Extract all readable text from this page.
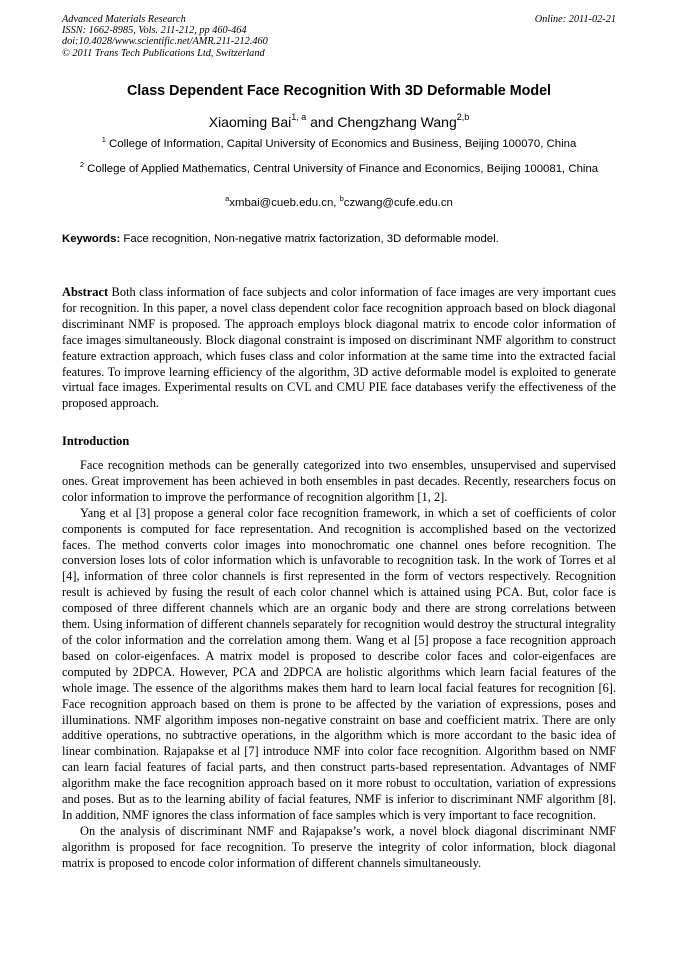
Advanced Materials Research
ISSN: 1662-8985, Vols. 211-212, pp 460-464
doi:10.4028/www.scientific.net/AMR.211-212.460
© 2011 Trans Tech Publications Ltd, Switzerland
Online: 2011-02-21
Class Dependent Face Recognition With 3D Deformable Model
Xiaoming Bai$^{1, a}$ and Chengzhang Wang$^{2,b}$
$^1$ College of Information, Capital University of Economics and Business, Beijing 100070, China
$^2$ College of Applied Mathematics, Central University of Finance and Economics, Beijing 100081, China
$^a$xmbai@cueb.edu.cn, $^b$czwang@cufe.edu.cn
Keywords: Face recognition, Non-negative matrix factorization, 3D deformable model.

Abstract Both class information of face subjects and color information of face images are very important cues for recognition. In this paper, a novel class dependent color face recognition approach based on block diagonal discriminant NMF is proposed. The approach employs block diagonal matrix to encode color information of face images simultaneously. Block diagonal constraint is imposed on discriminant NMF algorithm to construct feature extraction approach, which fuses class and color information at the same time into the extracted facial features. To improve learning efficiency of the algorithm, 3D active deformable model is exploited to generate virtual face images. Experimental results on CVL and CMU PIE face databases verify the effectiveness of the proposed approach.

Introduction

Face recognition methods can be generally categorized into two ensembles, unsupervised and supervised ones. Great improvement has been achieved in both ensembles in past decades. Recently, researchers focus on color information to improve the performance of recognition algorithm [1, 2].

Yang et al [3] propose a general color face recognition framework, in which a set of coefficients of color components is computed for face representation. And recognition is accomplished based on the vectorized faces. The method converts color images into monochromatic one channel ones before recognition. The conversion loses lots of color information which is unfavorable to recognition task. In the work of Torres et al [4], information of three color channels is first represented in the form of vectors respectively. Recognition result is achieved by fusing the result of each color channel which is attained using PCA. But, color face is composed of three different channels which are an organic body and there are strong correlations between them. Using information of different channels separately for recognition would destroy the structural integrality of the color information and the correlation among them. Wang et al [5] propose a face recognition approach based on color-eigenfaces. A matrix model is proposed to describe color faces and color-eigenfaces are computed by 2DPCA. However, PCA and 2DPCA are holistic algorithms which learn facial features of the whole image. The essence of the algorithms makes them hard to learn local facial features for recognition [6]. Face recognition approach based on them is prone to be affected by the variation of expressions, poses and illuminations. NMF algorithm imposes non-negative constraint on base and coefficient matrix. There are only additive operations, no subtractive operations, in the algorithm which is more accordant to the basic idea of linear combination. Rajapakse et al [7] introduce NMF into color face recognition. Algorithm based on NMF can learn facial features of facial parts, and then construct parts-based representation. Advantages of NMF algorithm make the face recognition approach based on it more robust to occultation, variation of expressions and poses. But as to the learning ability of facial features, NMF is inferior to discriminant NMF algorithm [8]. In addition, NMF ignores the class information of face samples which is very important to face recognition.

On the analysis of discriminant NMF and Rajapakse’s work, a novel block diagonal discriminant NMF algorithm is proposed for face recognition. To preserve the integrity of color information, block diagonal matrix is proposed to encode color information of different channels simultaneously.
